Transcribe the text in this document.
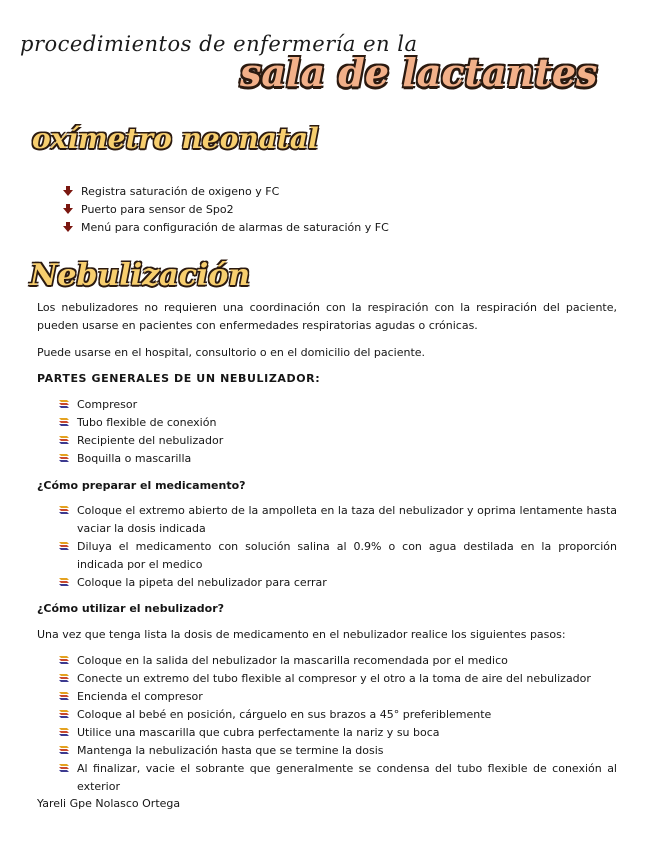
procedimientos de enfermería en la
sala de lactantes
oxímetro neonatal
Registra saturación de oxigeno y FC
Puerto para sensor de Spo2
Menú para configuración de alarmas de saturación y FC
Nebulización
Los nebulizadores no requieren una coordinación con la respiración con la respiración del paciente, pueden usarse en pacientes con enfermedades respiratorias agudas o crónicas.
Puede usarse en el hospital, consultorio o en el domicilio del paciente.
PARTES GENERALES DE UN NEBULIZADOR:
Compresor
Tubo flexible de conexión
Recipiente del nebulizador
Boquilla o mascarilla
¿Cómo preparar el medicamento?
Coloque el extremo abierto de la ampolleta en la taza del nebulizador y oprima lentamente hasta vaciar la dosis indicada
Diluya el medicamento con solución salina al 0.9% o con agua destilada en la proporción indicada por el medico
Coloque la pipeta del nebulizador para cerrar
¿Cómo utilizar el nebulizador?
Una vez que tenga lista la dosis de medicamento en el nebulizador realice los siguientes pasos:
Coloque en la salida del nebulizador la mascarilla recomendada por el medico
Conecte un extremo del tubo flexible al compresor y el otro a la toma de aire del nebulizador
Encienda el compresor
Coloque al bebé en posición, cárguelo en sus brazos a 45° preferiblemente
Utilice una mascarilla que cubra perfectamente la nariz y su boca
Mantenga la nebulización hasta que se termine la dosis
Al finalizar, vacie el sobrante que generalmente se condensa del tubo flexible de conexión al exterior
Yareli Gpe Nolasco Ortega
